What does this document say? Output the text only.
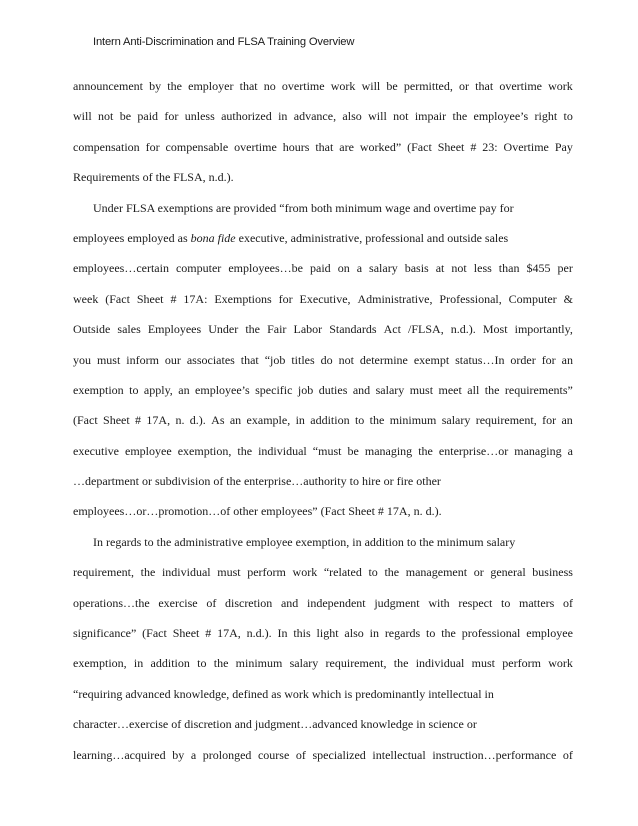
Intern Anti-Discrimination and FLSA Training Overview
announcement by the employer that no overtime work will be permitted, or that overtime work
will not be paid for unless authorized in advance, also will not impair the employee’s right to
compensation for compensable overtime hours that are worked” (Fact Sheet # 23: Overtime Pay
Requirements of the FLSA, n.d.).
Under FLSA exemptions are provided “from both minimum wage and overtime pay for
employees employed as bona fide executive, administrative, professional and outside sales
employees…certain computer employees…be paid on a salary basis at not less than $455 per
week (Fact Sheet # 17A: Exemptions for Executive, Administrative, Professional, Computer &
Outside sales Employees Under the Fair Labor Standards Act /FLSA, n.d.). Most importantly,
you must inform our associates that “job titles do not determine exempt status…In order for an
exemption to apply, an employee’s specific job duties and salary must meet all the requirements”
(Fact Sheet # 17A, n. d.). As an example, in addition to the minimum salary requirement, for an
executive employee exemption, the individual “must be managing the enterprise…or managing a
…department or subdivision of the enterprise…authority to hire or fire other
employees…or…promotion…of other employees” (Fact Sheet # 17A, n. d.).
In regards to the administrative employee exemption, in addition to the minimum salary
requirement, the individual must perform work “related to the management or general business
operations…the exercise of discretion and independent judgment with respect to matters of
significance” (Fact Sheet # 17A, n.d.). In this light also in regards to the professional employee
exemption, in addition to the minimum salary requirement, the individual must perform work
“requiring advanced knowledge, defined as work which is predominantly intellectual in
character…exercise of discretion and judgment…advanced knowledge in science or
learning…acquired by a prolonged course of specialized intellectual instruction…performance of
